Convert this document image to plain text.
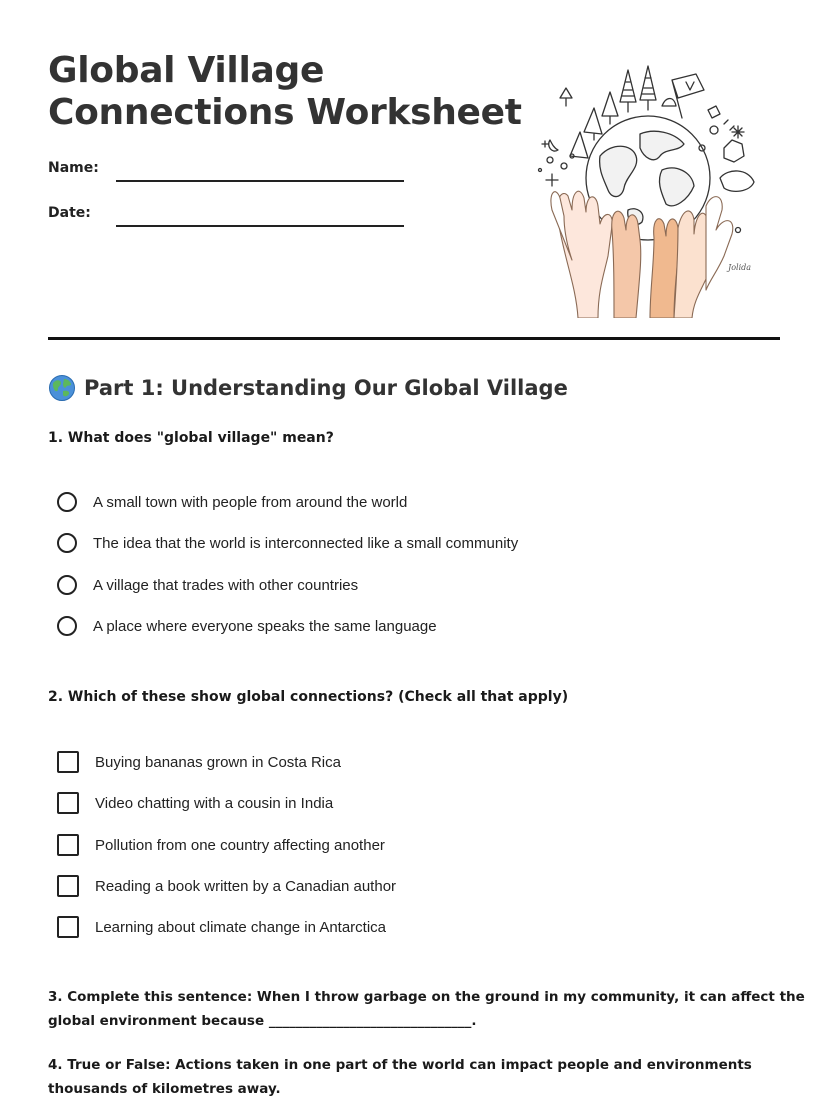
Global Village
Connections Worksheet
Name:
Date:
Jolida
Part 1: Understanding Our Global Village
1. What does "global village" mean?
A small town with people from around the world
The idea that the world is interconnected like a small community
A village that trades with other countries
A place where everyone speaks the same language
2. Which of these show global connections? (Check all that apply)
Buying bananas grown in Costa Rica
Video chatting with a cousin in India
Pollution from one country affecting another
Reading a book written by a Canadian author
Learning about climate change in Antarctica
3. Complete this sentence: When I throw garbage on the ground in my community, it can affect the
global environment because ______________________________.
4. True or False: Actions taken in one part of the world can impact people and environments
thousands of kilometres away.
